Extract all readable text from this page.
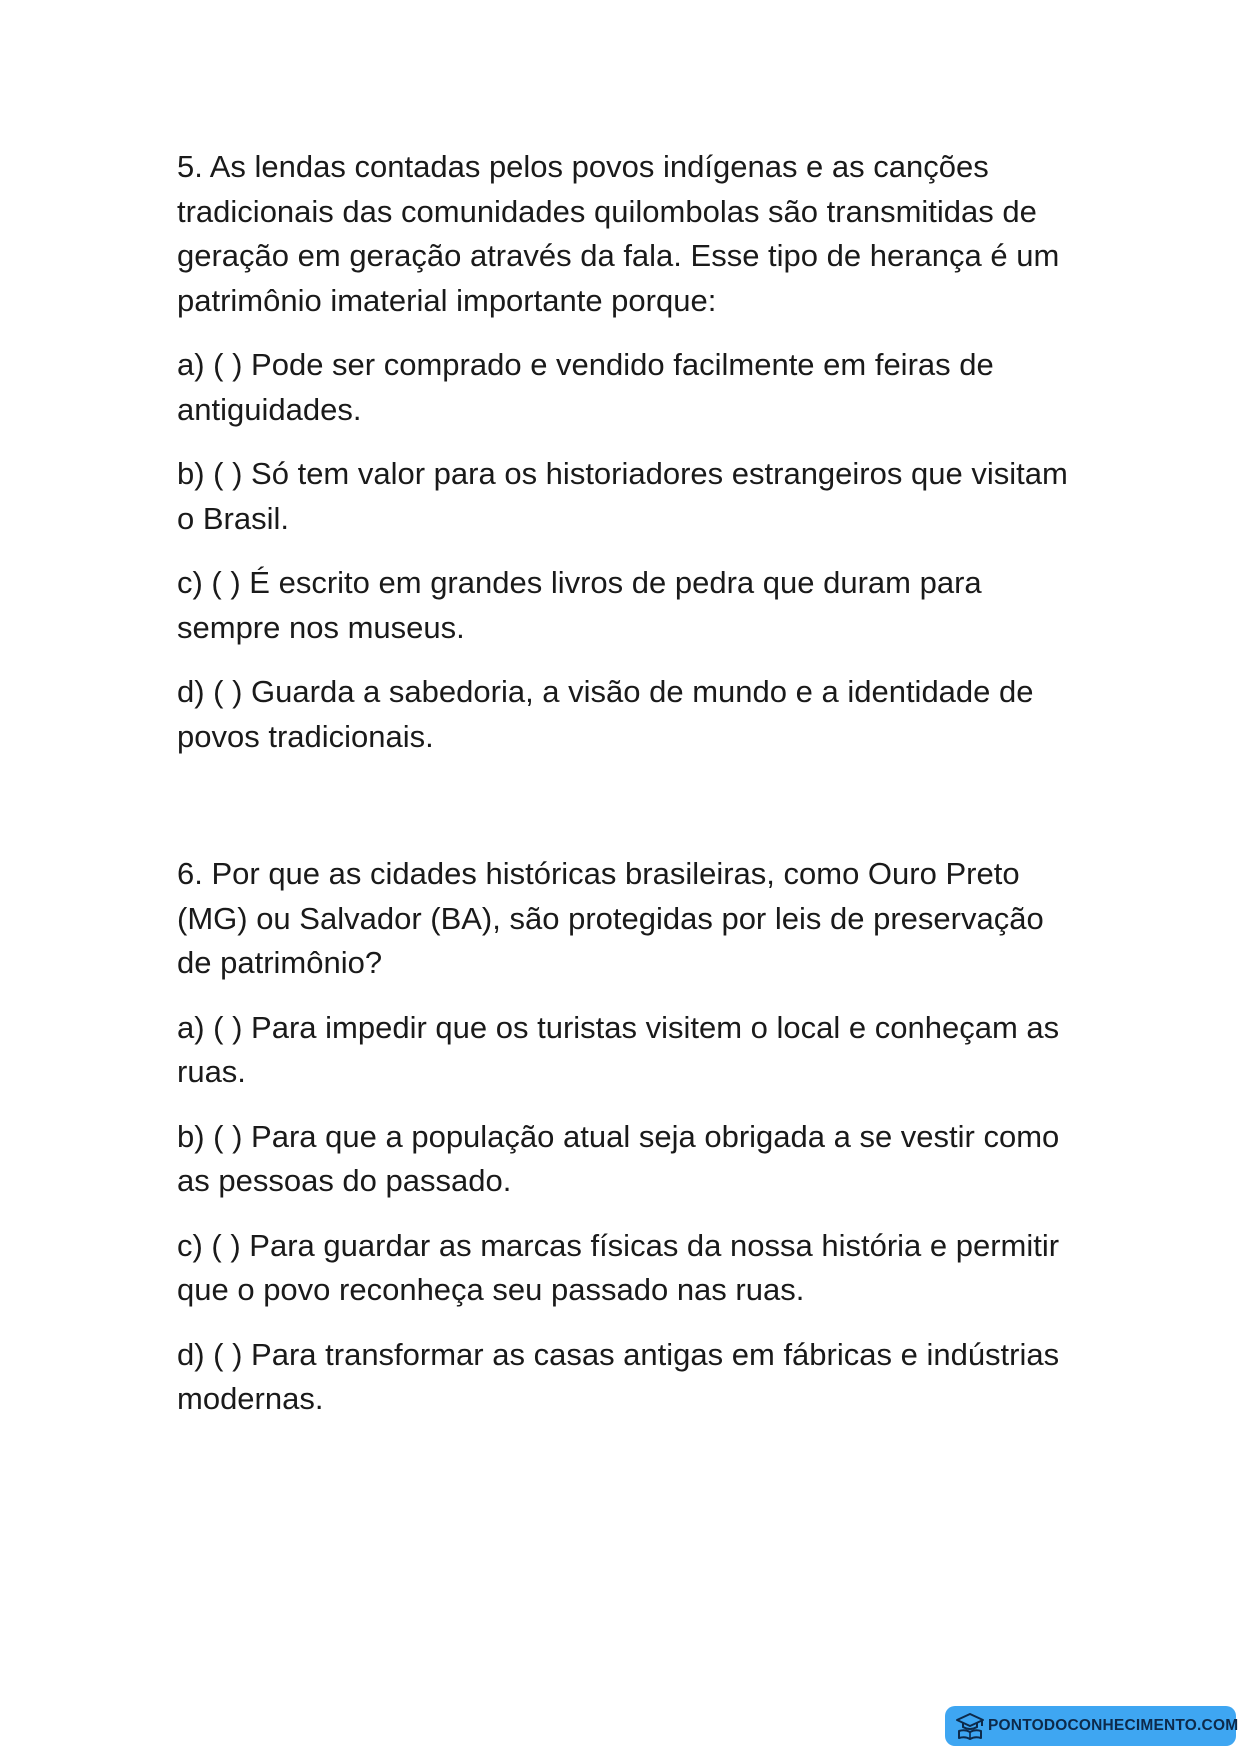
5. As lendas contadas pelos povos indígenas e as canções tradicionais das comunidades quilombolas são transmitidas de geração em geração através da fala. Esse tipo de herança é um patrimônio imaterial importante porque:

a) ( ) Pode ser comprado e vendido facilmente em feiras de antiguidades.

b) ( ) Só tem valor para os historiadores estrangeiros que visitam o Brasil.

c) ( ) É escrito em grandes livros de pedra que duram para sempre nos museus.

d) ( ) Guarda a sabedoria, a visão de mundo e a identidade de povos tradicionais.

6. Por que as cidades históricas brasileiras, como Ouro Preto (MG) ou Salvador (BA), são protegidas por leis de preservação de patrimônio?

a) ( ) Para impedir que os turistas visitem o local e conheçam as ruas.

b) ( ) Para que a população atual seja obrigada a se vestir como as pessoas do passado.

c) ( ) Para guardar as marcas físicas da nossa história e permitir que o povo reconheça seu passado nas ruas.

d) ( ) Para transformar as casas antigas em fábricas e indústrias modernas.

PONTODOCONHECIMENTO.COM
